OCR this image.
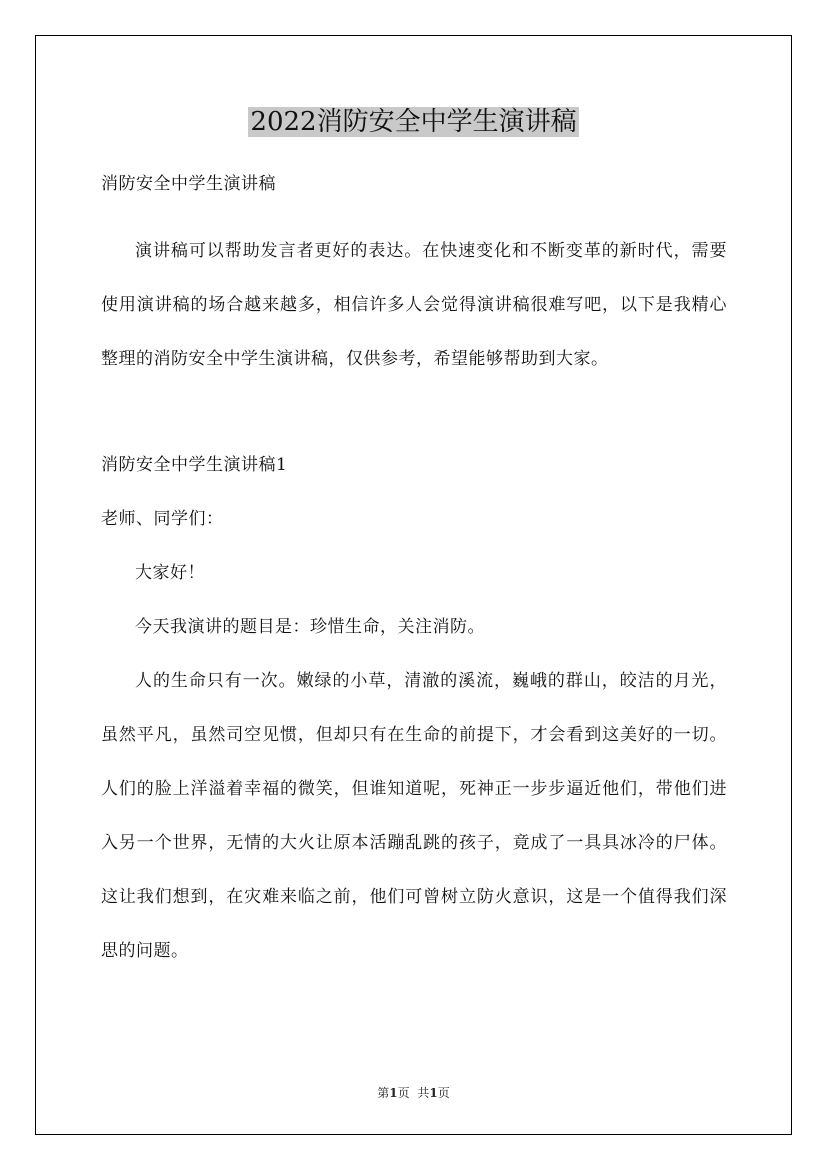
2022消防安全中学生演讲稿

消防安全中学生演讲稿

演讲稿可以帮助发言者更好的表达。在快速变化和不断变革的新时代，需要使用演讲稿的场合越来越多，相信许多人会觉得演讲稿很难写吧，以下是我精心整理的消防安全中学生演讲稿，仅供参考，希望能够帮助到大家。

消防安全中学生演讲稿1

老师、同学们：

大家好！

今天我演讲的题目是：珍惜生命，关注消防。

人的生命只有一次。嫩绿的小草，清澈的溪流，巍峨的群山，皎洁的月光，虽然平凡，虽然司空见惯，但却只有在生命的前提下，才会看到这美好的一切。人们的脸上洋溢着幸福的微笑，但谁知道呢，死神正一步步逼近他们，带他们进入另一个世界，无情的大火让原本活蹦乱跳的孩子，竟成了一具具冰冷的尸体。这让我们想到，在灾难来临之前，他们可曾树立防火意识，这是一个值得我们深思的问题。

第1页 共1页
